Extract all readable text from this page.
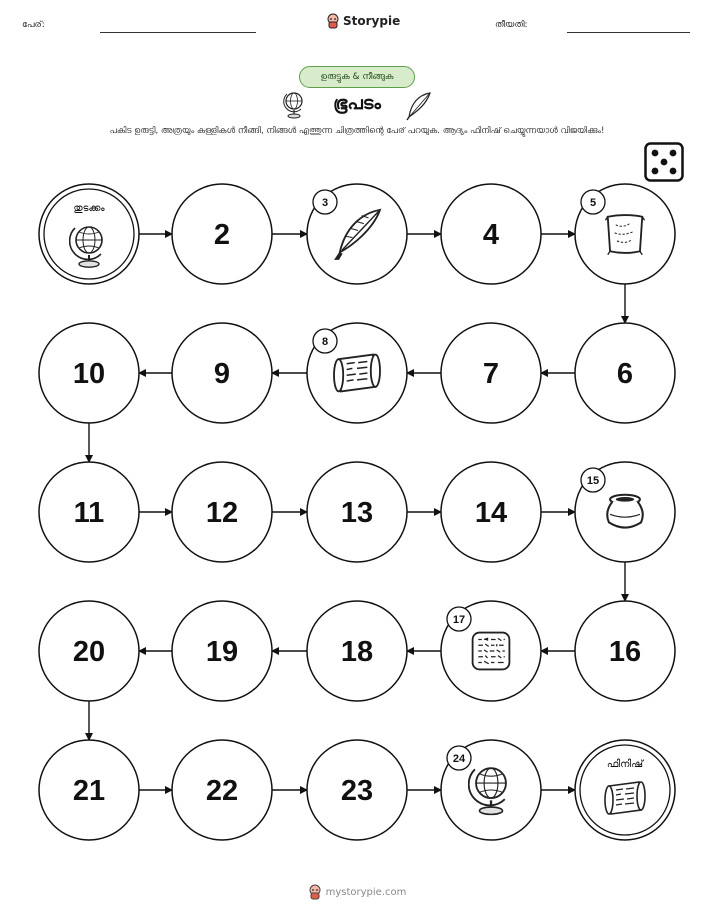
പേര്:	Storypie	തീയതി:
ഉരുട്ടുക & നീങ്ങുക
ഭൂപടം
പകിട ഉരുട്ടി, അത്രയും കള്ളികൾ നീങ്ങി, നിങ്ങൾ എത്തുന്ന ചിത്രത്തിന്റെ പേര് പറയുക. ആദ്യം ഫിനിഷ് ചെയ്യുന്നയാൾ വിജയിക്കും!
തുടക്കം
2
3
4
5
6
7
8
9
10
11	12	13	14
15
16
17
18
19
20
21	22	23
24	ഫിനിഷ്
mystorypie.com
